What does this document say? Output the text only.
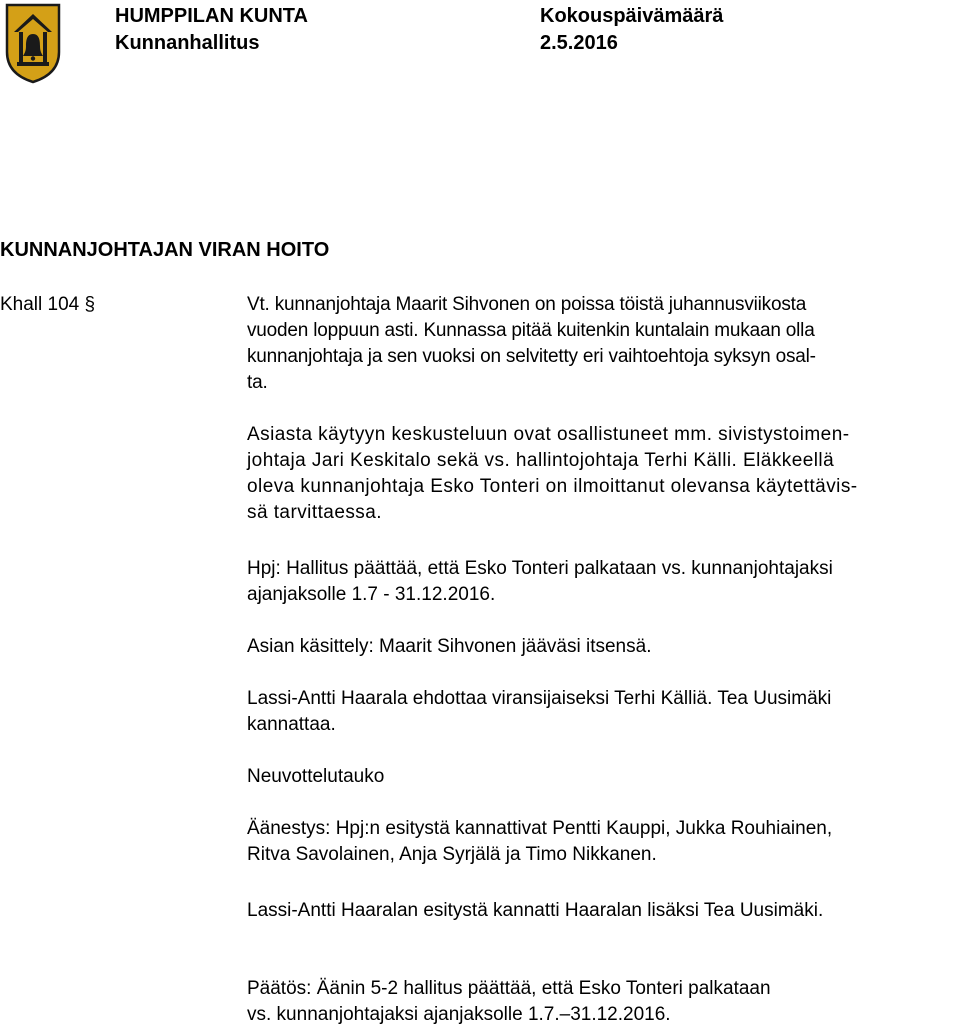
HUMPPILAN KUNTA
Kunnanhallitus
Kokouspäivämäärä
2.5.2016
KUNNANJOHTAJAN VIRAN HOITO
Khall 104 §	Vt. kunnanjohtaja Maarit Sihvonen on poissa töistä juhannusviikosta
vuoden loppuun asti. Kunnassa pitää kuitenkin kuntalain mukaan olla
kunnanjohtaja ja sen vuoksi on selvitetty eri vaihtoehtoja syksyn osal-
ta.
Asiasta käytyyn keskusteluun ovat osallistuneet mm. sivistystoimen-
johtaja Jari Keskitalo sekä vs. hallintojohtaja Terhi Källi. Eläkkeellä
oleva kunnanjohtaja Esko Tonteri on ilmoittanut olevansa käytettävis-
sä tarvittaessa.
Hpj: Hallitus päättää, että Esko Tonteri palkataan vs. kunnanjohtajaksi
ajanjaksolle 1.7 - 31.12.2016.
Asian käsittely: Maarit Sihvonen jääväsi itsensä.
Lassi-Antti Haarala ehdottaa viransijaiseksi Terhi Källiä. Tea Uusimäki
kannattaa.
Neuvottelutauko
Äänestys: Hpj:n esitystä kannattivat Pentti Kauppi, Jukka Rouhiainen,
Ritva Savolainen, Anja Syrjälä ja Timo Nikkanen.
Lassi-Antti Haaralan esitystä kannatti Haaralan lisäksi Tea Uusimäki.
Päätös: Äänin 5-2 hallitus päättää, että Esko Tonteri palkataan
vs. kunnanjohtajaksi ajanjaksolle 1.7.–31.12.2016.
